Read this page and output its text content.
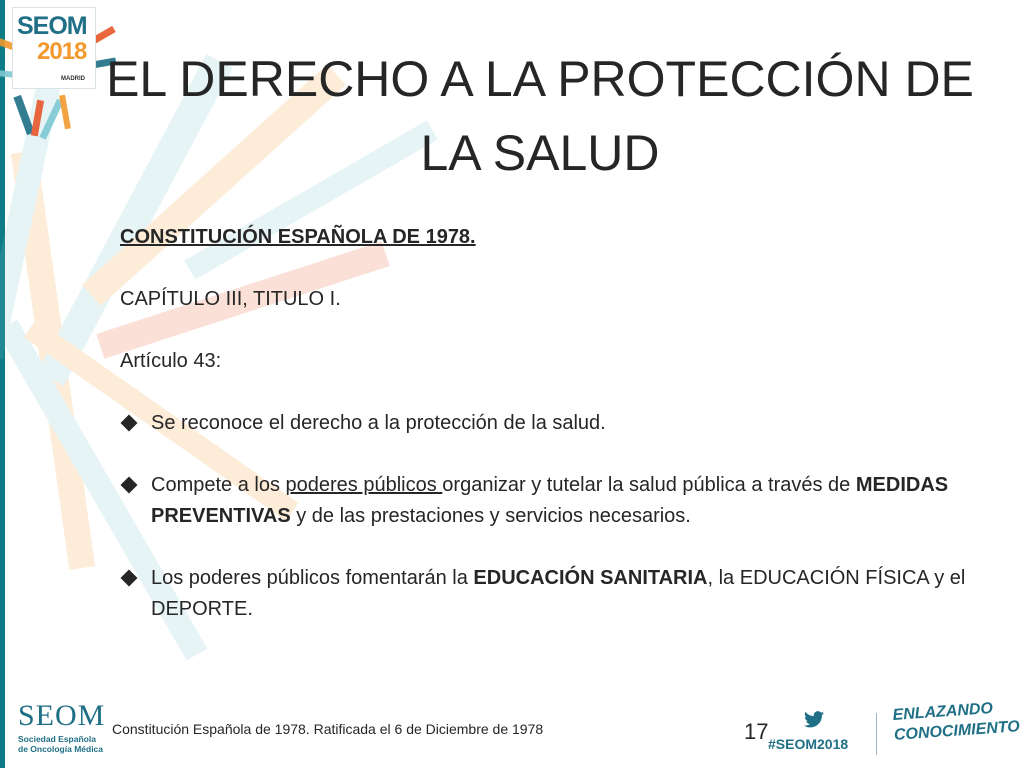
SEOM
2018
MADRID EL DERECHO A LA PROTECCIÓN DE LA SALUD

CONSTITUCIÓN ESPAÑOLA DE 1978.

CAPÍTULO III, TITULO I.

Artículo 43:

Se reconoce el derecho a la protección de la salud.
Compete a los poderes públicos organizar y tutelar la salud pública a través de MEDIDAS PREVENTIVAS y de las prestaciones y servicios necesarios.
Los poderes públicos fomentarán la EDUCACIÓN SANITARIA, la EDUCACIÓN FÍSICA y el DEPORTE.
SEOM
Sociedad Española
de Oncología Médica
Constitución Española de 1978. Ratificada el 6 de Diciembre de 1978	17 #SEOM2018
ENLAZANDO
CONOCIMIENTO
